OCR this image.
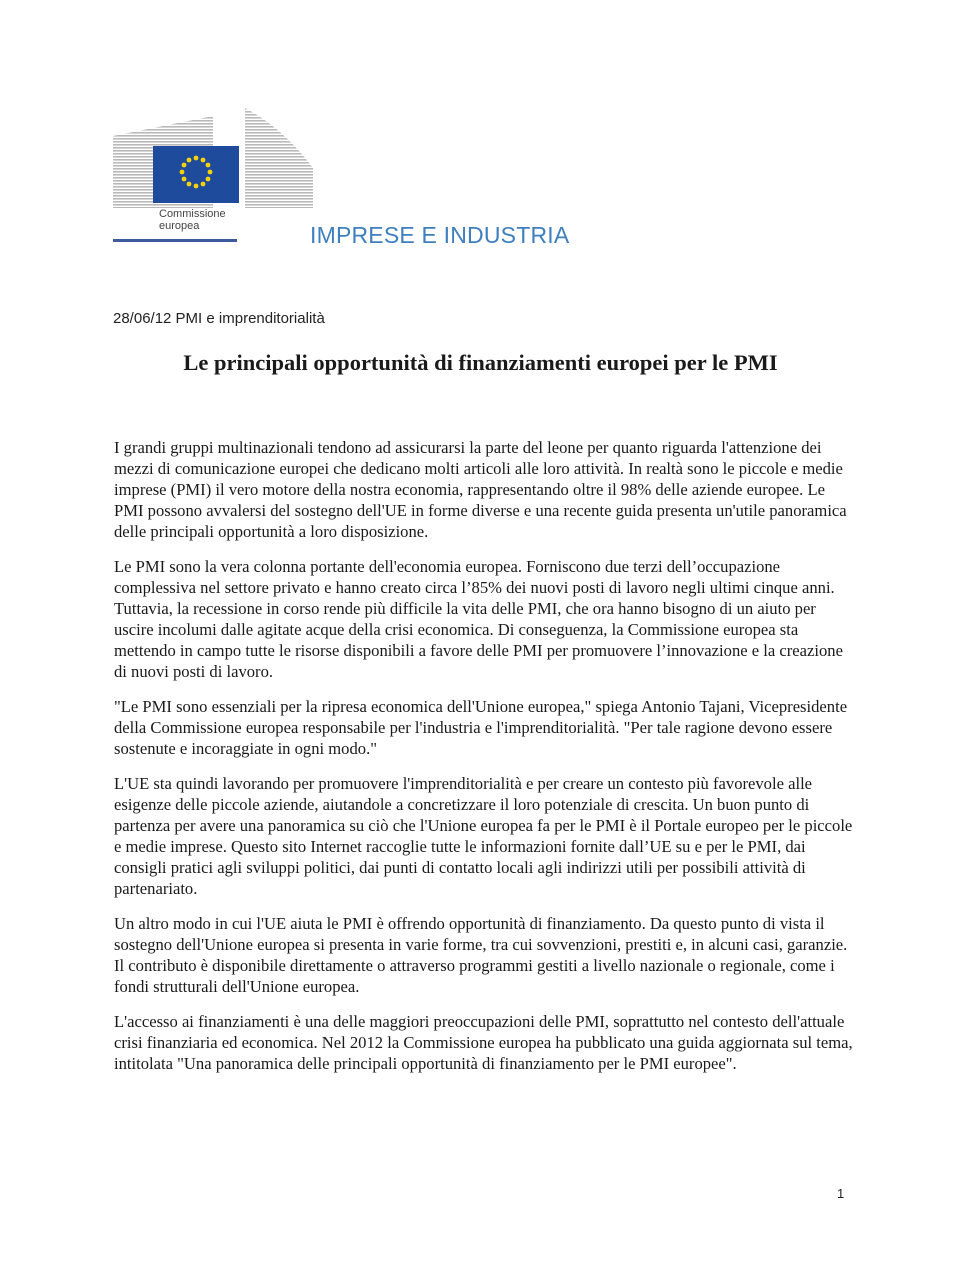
Commissione
europea	IMPRESE E INDUSTRIA
28/06/12 PMI e imprenditorialità
Le principali opportunità di finanziamenti europei per le PMI

I grandi gruppi multinazionali tendono ad assicurarsi la parte del leone per quanto riguarda l'attenzione dei mezzi di comunicazione europei che dedicano molti articoli alle loro attività. In realtà sono le piccole e medie imprese (PMI) il vero motore della nostra economia, rappresentando oltre il 98% delle aziende europee. Le PMI possono avvalersi del sostegno dell'UE in forme diverse e una recente guida presenta un'utile panoramica delle principali opportunità a loro disposizione.

Le PMI sono la vera colonna portante dell'economia europea. Forniscono due terzi dell’occupazione complessiva nel settore privato e hanno creato circa l’85% dei nuovi posti di lavoro negli ultimi cinque anni. Tuttavia, la recessione in corso rende più difficile la vita delle PMI, che ora hanno bisogno di un aiuto per uscire incolumi dalle agitate acque della crisi economica. Di conseguenza, la Commissione europea sta mettendo in campo tutte le risorse disponibili a favore delle PMI per promuovere l’innovazione e la creazione di nuovi posti di lavoro.

"Le PMI sono essenziali per la ripresa economica dell'Unione europea," spiega Antonio Tajani, Vicepresidente della Commissione europea responsabile per l'industria e l'imprenditorialità. "Per tale ragione devono essere sostenute e incoraggiate in ogni modo."

L'UE sta quindi lavorando per promuovere l'imprenditorialità e per creare un contesto più favorevole alle esigenze delle piccole aziende, aiutandole a concretizzare il loro potenziale di crescita. Un buon punto di partenza per avere una panoramica su ciò che l'Unione europea fa per le PMI è il Portale europeo per le piccole e medie imprese. Questo sito Internet raccoglie tutte le informazioni fornite dall’UE su e per le PMI, dai consigli pratici agli sviluppi politici, dai punti di contatto locali agli indirizzi utili per possibili attività di partenariato.

Un altro modo in cui l'UE aiuta le PMI è offrendo opportunità di finanziamento. Da questo punto di vista il sostegno dell'Unione europea si presenta in varie forme, tra cui sovvenzioni, prestiti e, in alcuni casi, garanzie. Il contributo è disponibile direttamente o attraverso programmi gestiti a livello nazionale o regionale, come i fondi strutturali dell'Unione europea.

L'accesso ai finanziamenti è una delle maggiori preoccupazioni delle PMI, soprattutto nel contesto dell'attuale crisi finanziaria ed economica. Nel 2012 la Commissione europea ha pubblicato una guida aggiornata sul tema, intitolata "Una panoramica delle principali opportunità di finanziamento per le PMI europee".

1
